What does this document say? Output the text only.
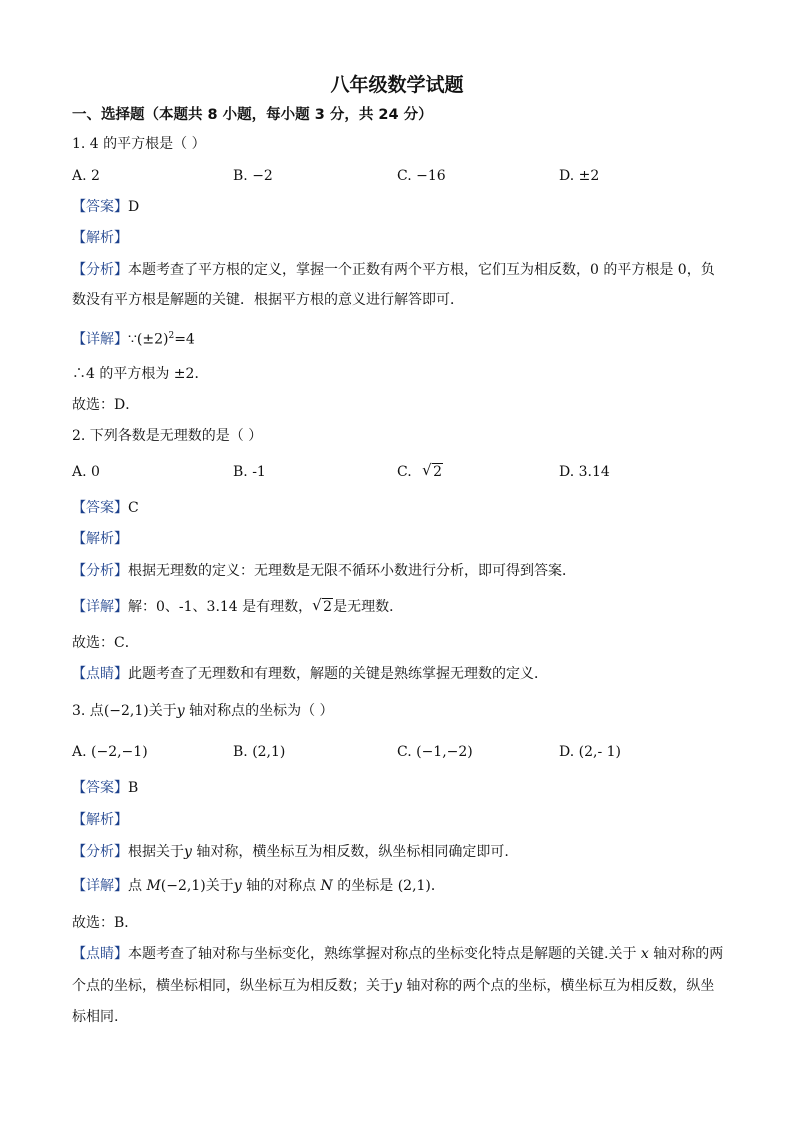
八年级数学试题
一、选择题（本题共 8 小题，每小题 3 分，共 24 分）
1. 4 的平方根是（ ）
A. 2	B. −2	C. −16	D. ±2
【答案】D
【解析】
【分析】本题考查了平方根的定义，掌握一个正数有两个平方根，它们互为相反数，0 的平方根是 0，负
数没有平方根是解题的关键．根据平方根的意义进行解答即可．
【详解】$\because(\pm 2)^2=4$
∴4 的平方根为 ±2．
故选：D．
2. 下列各数是无理数的是（ ）
A. 0	B. -1	C. √ 2	D. 3.14
【答案】C
【解析】
【分析】根据无理数的定义：无理数是无限不循环小数进行分析，即可得到答案．
【详解】解：0、-1、3.14 是有理数， √ 2是无理数．
故选：C．
【点睛】此题考查了无理数和有理数，解题的关键是熟练掌握无理数的定义．
3. 点(−2,1)关于y 轴对称点的坐标为（ ）
A. (−2,−1)	B. (2,1)	C. (−1,−2)	D. (2,- 1)
【答案】B
【解析】
【分析】根据关于y 轴对称，横坐标互为相反数，纵坐标相同确定即可.
【详解】点 M(−2,1)关于y 轴的对称点 N 的坐标是 (2,1)．
故选：B．
【点睛】本题考查了轴对称与坐标变化，熟练掌握对称点的坐标变化特点是解题的关键.关于 x 轴对称的两
个点的坐标，横坐标相同，纵坐标互为相反数；关于y 轴对称的两个点的坐标，横坐标互为相反数，纵坐
标相同.
